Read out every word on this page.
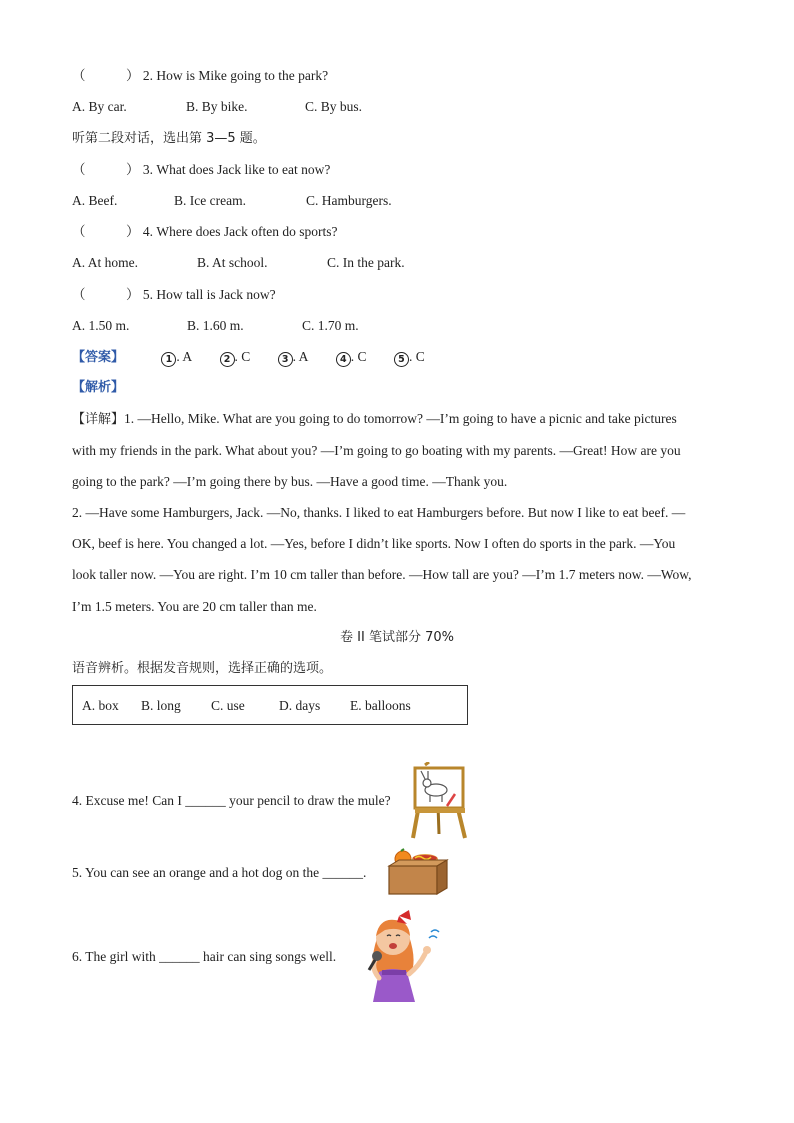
（　　　） 2. How is Mike going to the park?
A. By car.	B. By bike.	C. By bus.
听第二段对话，选出第 3—5 题。
（　　　） 3. What does Jack like to eat now?
A. Beef.	B. Ice cream.	C. Hamburgers.
（　　　） 4. Where does Jack often do sports?
A. At home.	B. At school.	C. In the park.
（　　　） 5. How tall is Jack now?
A. 1.50 m.	B. 1.60 m.	C. 1.70 m.
【答案】	1 . A	2 . C	3 . A	4 . C	5 . C
【解析】
【详解】1. —Hello, Mike. What are you going to do tomorrow? —I’m going to have a picnic and take pictures
with my friends in the park. What about you? —I’m going to go boating with my parents. —Great! How are you
going to the park? —I’m going there by bus. —Have a good time. —Thank you.
2. —Have some Hamburgers, Jack. —No, thanks. I liked to eat Hamburgers before. But now I like to eat beef. —
OK, beef is here. You changed a lot. —Yes, before I didn’t like sports. Now I often do sports in the park. —You
look taller now. —You are right. I’m 10 cm taller than before. —How tall are you? —I’m 1.7 meters now. —Wow,
I’m 1.5 meters. You are 20 cm taller than me.
卷 II 笔试部分 70%
语音辨析。根据发音规则，选择正确的选项。
A. box B. long C. use	D. days E. balloons
4. Excuse me! Can I ______ your pencil to draw the mule?
5. You can see an orange and a hot dog on the ______.
6. The girl with ______ hair can sing songs well.
